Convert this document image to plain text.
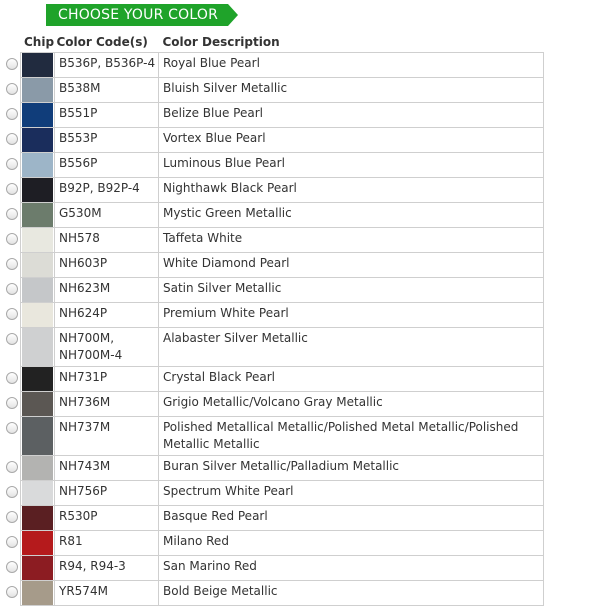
CHOOSE YOUR COLOR
Chip		Color Code(s)	Color Description

	B536P, B536P-4	Royal Blue Pearl

	B538M	Bluish Silver Metallic

	B551P	Belize Blue Pearl

	B553P	Vortex Blue Pearl

	B556P	Luminous Blue Pearl

	B92P, B92P-4	Nighthawk Black Pearl

	G530M	Mystic Green Metallic

	NH578	Taffeta White

	NH603P	White Diamond Pearl

	NH623M	Satin Silver Metallic

	NH624P	Premium White Pearl

	NH700M, NH700M-4	Alabaster Silver Metallic

	NH731P	Crystal Black Pearl

	NH736M	Grigio Metallic/Volcano Gray Metallic

	NH737M	Polished Metallical Metallic/Polished Metal Metallic/Polished Metallic Metallic

	NH743M	Buran Silver Metallic/Palladium Metallic

	NH756P	Spectrum White Pearl

	R530P	Basque Red Pearl

	R81	Milano Red

	R94, R94-3	San Marino Red

	YR574M	Bold Beige Metallic
